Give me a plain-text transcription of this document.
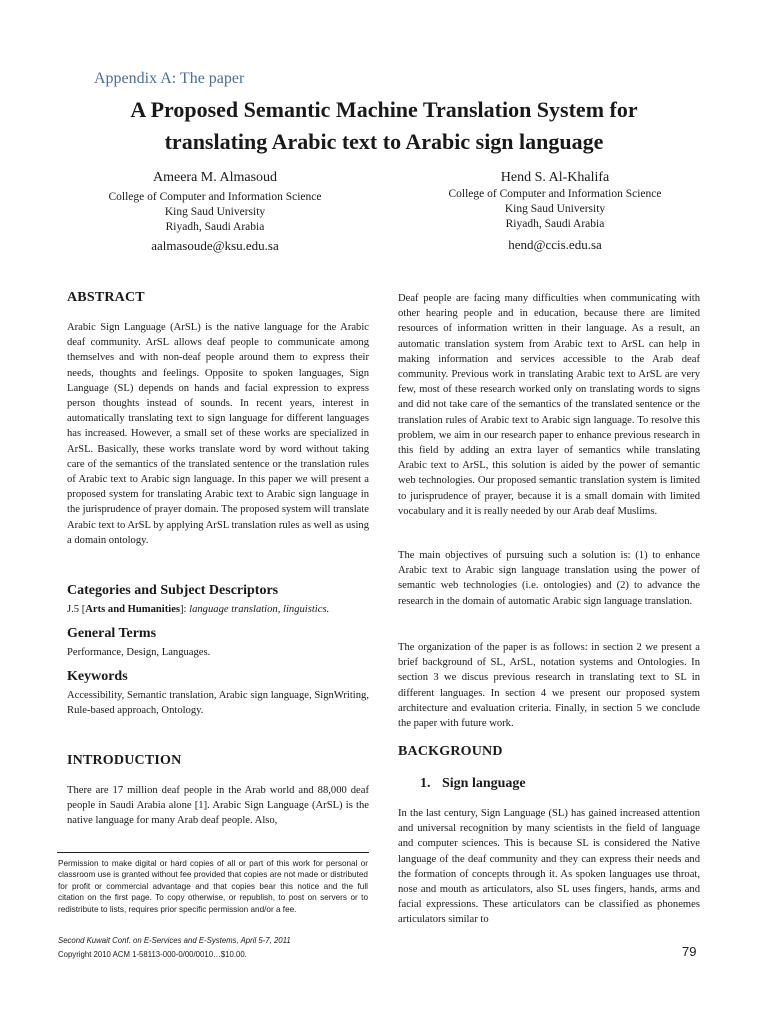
Appendix A: The paper
A Proposed Semantic Machine Translation System for
translating Arabic text to Arabic sign language
Ameera M. Almasoud
College of Computer and Information Science
King Saud University
Riyadh, Saudi Arabia
aalmasoude@ksu.edu.sa
Hend S. Al-Khalifa
College of Computer and Information Science
King Saud University
Riyadh, Saudi Arabia
hend@ccis.edu.sa
ABSTRACT

Arabic Sign Language (ArSL) is the native language for the Arabic deaf community. ArSL allows deaf people to communicate among themselves and with non-deaf people around them to express their needs, thoughts and feelings. Opposite to spoken languages, Sign Language (SL) depends on hands and facial expression to express person thoughts instead of sounds. In recent years, interest in automatically translating text to sign language for different languages has increased. However, a small set of these works are specialized in ArSL. Basically, these works translate word by word without taking care of the semantics of the translated sentence or the translation rules of Arabic text to Arabic sign language. In this paper we will present a proposed system for translating Arabic text to Arabic sign language in the jurisprudence of prayer domain. The proposed system will translate Arabic text to ArSL by applying ArSL translation rules as well as using a domain ontology.

Categories and Subject Descriptors

J.5 [Arts and Humanities]: language translation, linguistics.

General Terms

Performance, Design, Languages.

Keywords

Accessibility, Semantic translation, Arabic sign language, SignWriting, Rule-based approach, Ontology.

INTRODUCTION

There are 17 million deaf people in the Arab world and 88,000 deaf people in Saudi Arabia alone [1]. Arabic Sign Language (ArSL) is the native language for many Arab deaf people. Also,

Permission to make digital or hard copies of all or part of this work for personal or classroom use is granted without fee provided that copies are not made or distributed for profit or commercial advantage and that copies bear this notice and the full citation on the first page. To copy otherwise, or republish, to post on servers or to redistribute to lists, requires prior specific permission and/or a fee.
Second Kuwait Conf. on E-Services and E-Systems, April 5-7, 2011
Copyright 2010 ACM 1-58113-000-0/00/0010…$10.00.

Deaf people are facing many difficulties when communicating with other hearing people and in education, because there are limited resources of information written in their language. As a result, an automatic translation system from Arabic text to ArSL can help in making information and services accessible to the Arab deaf community. Previous work in translating Arabic text to ArSL are very few, most of these research worked only on translating words to signs and did not take care of the semantics of the translated sentence or the translation rules of Arabic text to Arabic sign language. To resolve this problem, we aim in our research paper to enhance previous research in this field by adding an extra layer of semantics while translating Arabic text to ArSL, this solution is aided by the power of semantic web technologies. Our proposed semantic translation system is limited to jurisprudence of prayer, because it is a small domain with limited vocabulary and it is really needed by our Arab deaf Muslims.

The main objectives of pursuing such a solution is: (1) to enhance Arabic text to Arabic sign language translation using the power of semantic web technologies (i.e. ontologies) and (2) to advance the research in the domain of automatic Arabic sign language translation.

The organization of the paper is as follows: in section 2 we present a brief background of SL, ArSL, notation systems and Ontologies. In section 3 we discus previous research in translating text to SL in different languages. In section 4 we present our proposed system architecture and evaluation criteria. Finally, in section 5 we conclude the paper with future work.

BACKGROUND
1. Sign language

In the last century, Sign Language (SL) has gained increased attention and universal recognition by many scientists in the field of language and computer sciences. This is because SL is considered the Native language of the deaf community and they can express their needs and the formation of concepts through it. As spoken languages use throat, nose and mouth as articulators, also SL uses fingers, hands, arms and facial expressions. These articulators can be classified as phonemes articulators similar to

79
